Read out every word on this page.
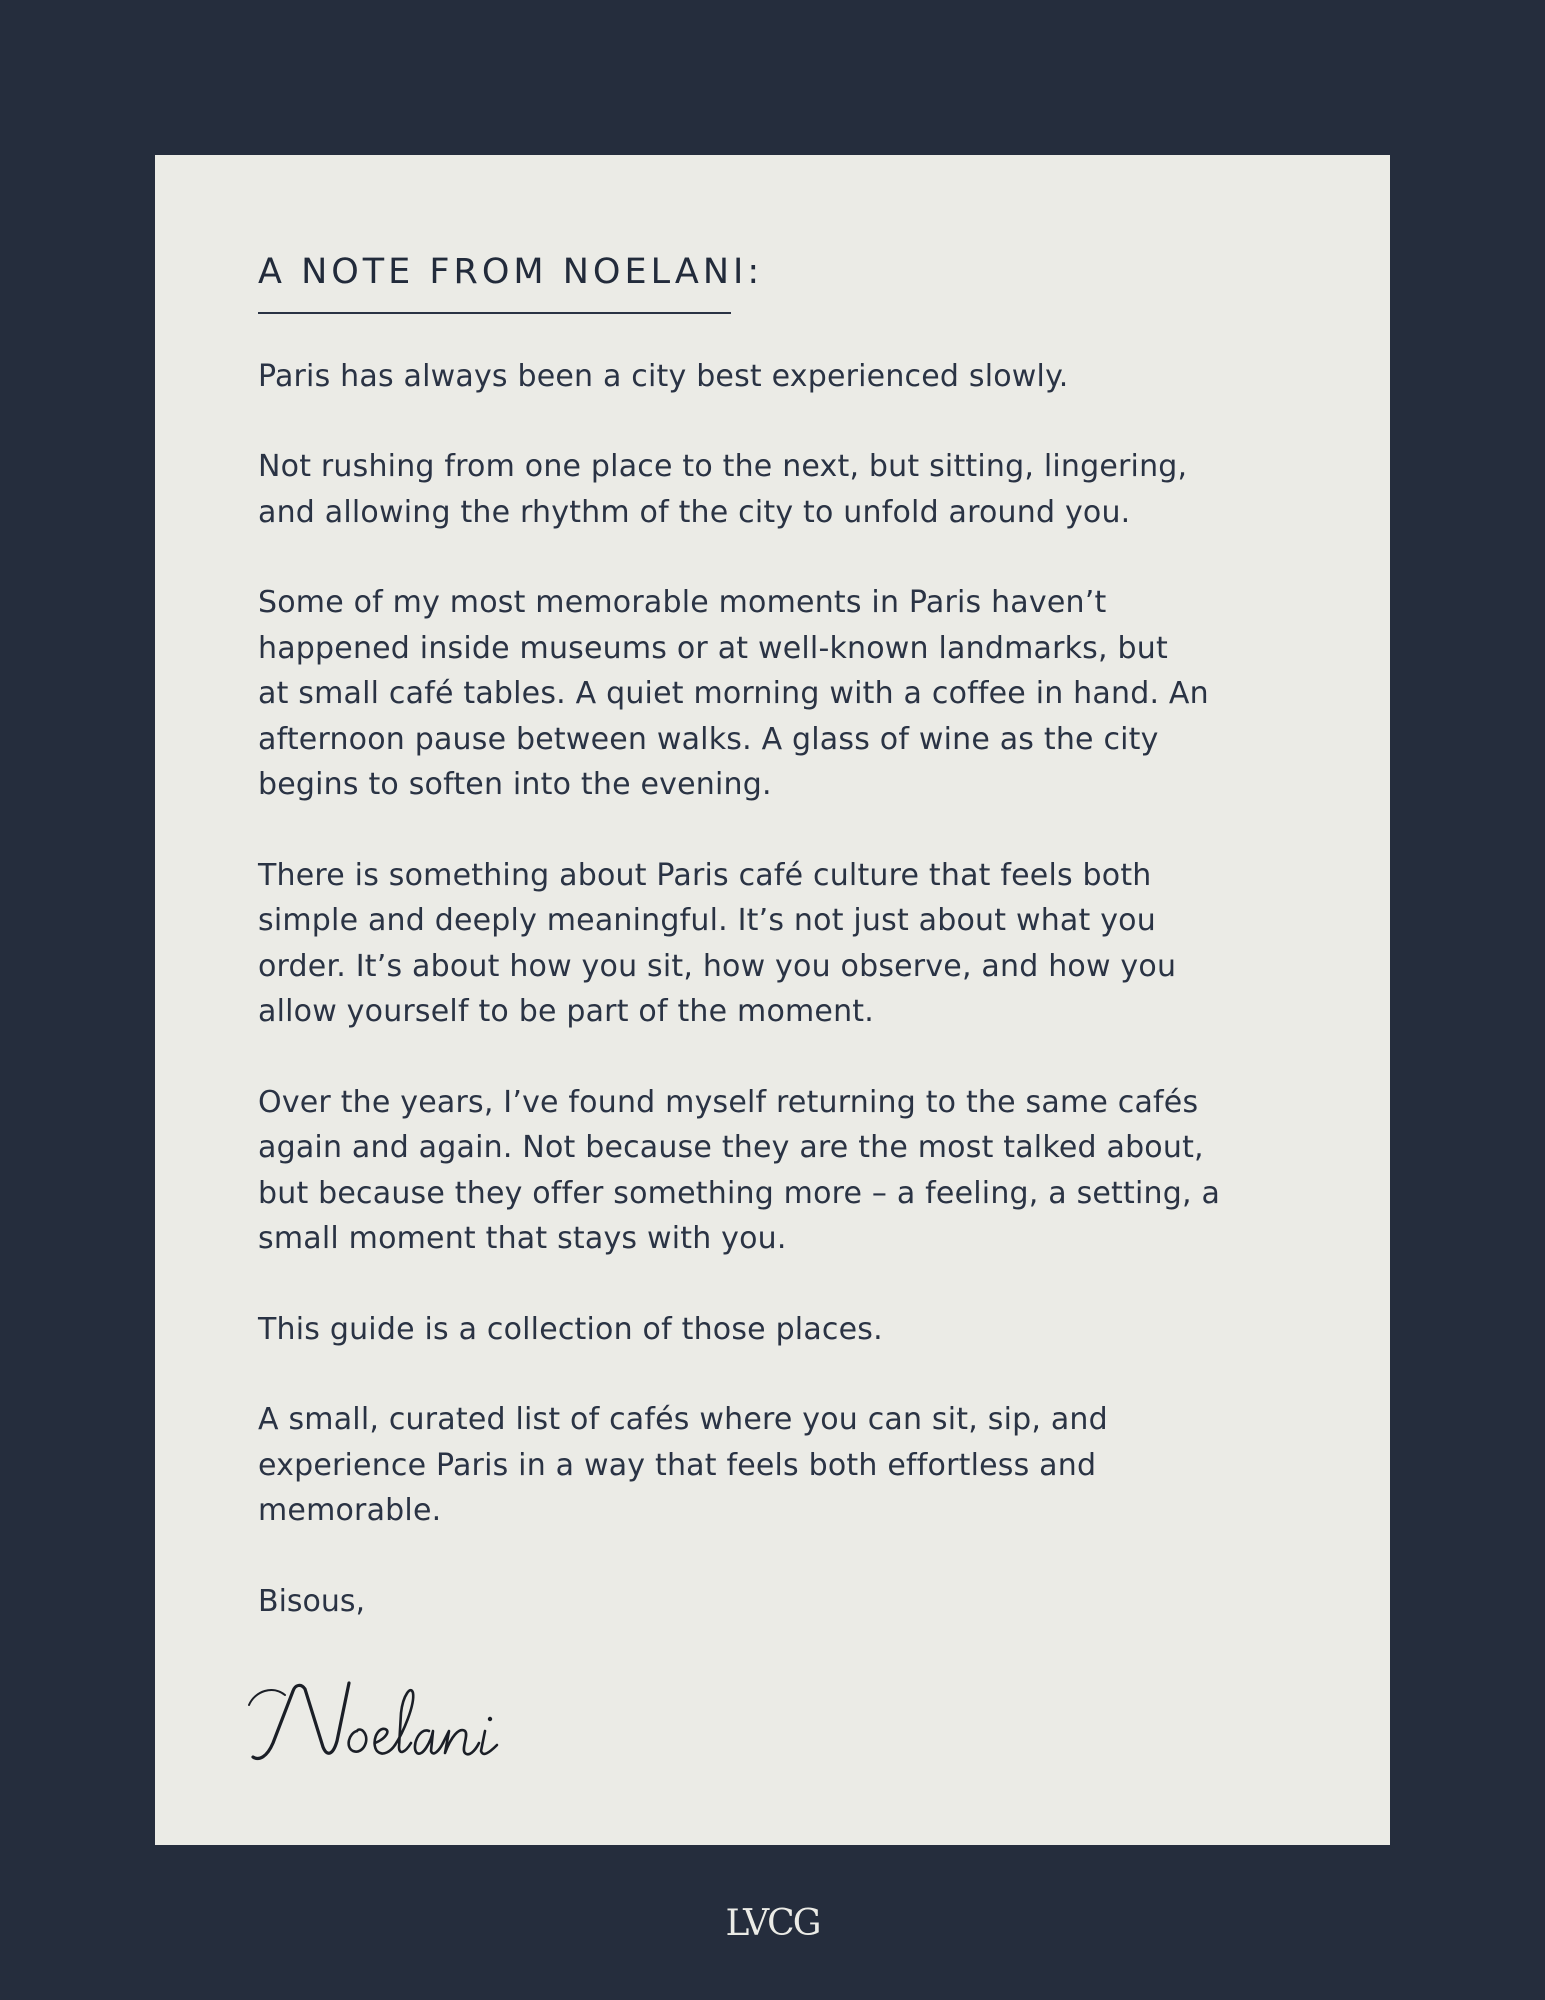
A NOTE FROM NOELANI:

Paris has always been a city best experienced slowly.

Not rushing from one place to the next, but sitting, lingering,
and allowing the rhythm of the city to unfold around you.

Some of my most memorable moments in Paris haven’t
happened inside museums or at well-known landmarks, but
at small café tables. A quiet morning with a coffee in hand. An
afternoon pause between walks. A glass of wine as the city
begins to soften into the evening.

There is something about Paris café culture that feels both
simple and deeply meaningful. It’s not just about what you
order. It’s about how you sit, how you observe, and how you
allow yourself to be part of the moment.

Over the years, I’ve found myself returning to the same cafés
again and again. Not because they are the most talked about,
but because they offer something more – a feeling, a setting, a
small moment that stays with you.

This guide is a collection of those places.

A small, curated list of cafés where you can sit, sip, and
experience Paris in a way that feels both effortless and
memorable.

Bisous,

LVCG
